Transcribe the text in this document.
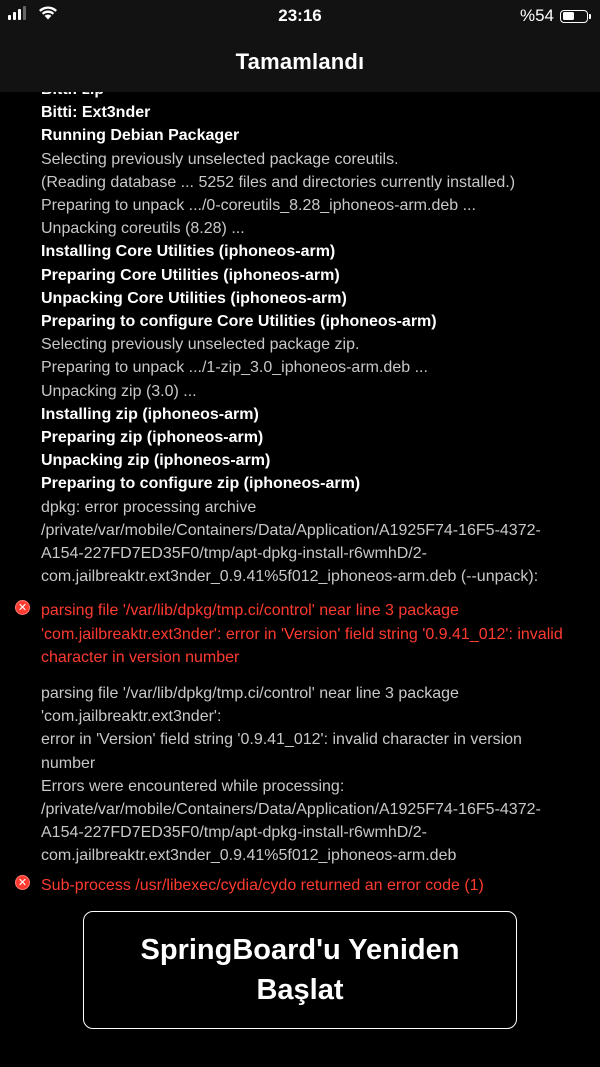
23:16	%54
Tamamlandı
Bitti: Ext3nder
Running Debian Packager
Selecting previously unselected package coreutils.
(Reading database ... 5252 files and directories currently installed.)
Preparing to unpack .../0-coreutils_8.28_iphoneos-arm.deb ...
Unpacking coreutils (8.28) ...
Installing Core Utilities (iphoneos-arm)
Preparing Core Utilities (iphoneos-arm)
Unpacking Core Utilities (iphoneos-arm)
Preparing to configure Core Utilities (iphoneos-arm)
Selecting previously unselected package zip.
Preparing to unpack .../1-zip_3.0_iphoneos-arm.deb ...
Unpacking zip (3.0) ...
Installing zip (iphoneos-arm)
Preparing zip (iphoneos-arm)
Unpacking zip (iphoneos-arm)
Preparing to configure zip (iphoneos-arm)
dpkg: error processing archive /private/var/mobile/Containers/Data/Application/A1925F74-16F5-4372-A154-227FD7ED35F0/tmp/apt-dpkg-install-r6wmhD/2-com.jailbreaktr.ext3nder_0.9.41%5f012_iphoneos-arm.deb (--unpack):
✕ parsing file '/var/lib/dpkg/tmp.ci/control' near line 3 package 'com.jailbreaktr.ext3nder': error in 'Version' field string '0.9.41_012': invalid character in version number
parsing file '/var/lib/dpkg/tmp.ci/control' near line 3 package 'com.jailbreaktr.ext3nder':
error in 'Version' field string '0.9.41_012': invalid character in version number
Errors were encountered while processing:
/private/var/mobile/Containers/Data/Application/A1925F74-16F5-4372-A154-227FD7ED35F0/tmp/apt-dpkg-install-r6wmhD/2-com.jailbreaktr.ext3nder_0.9.41%5f012_iphoneos-arm.deb
✕ Sub-process /usr/libexec/cydia/cydo returned an error code (1)
SpringBoard'u Yeniden Başlat
